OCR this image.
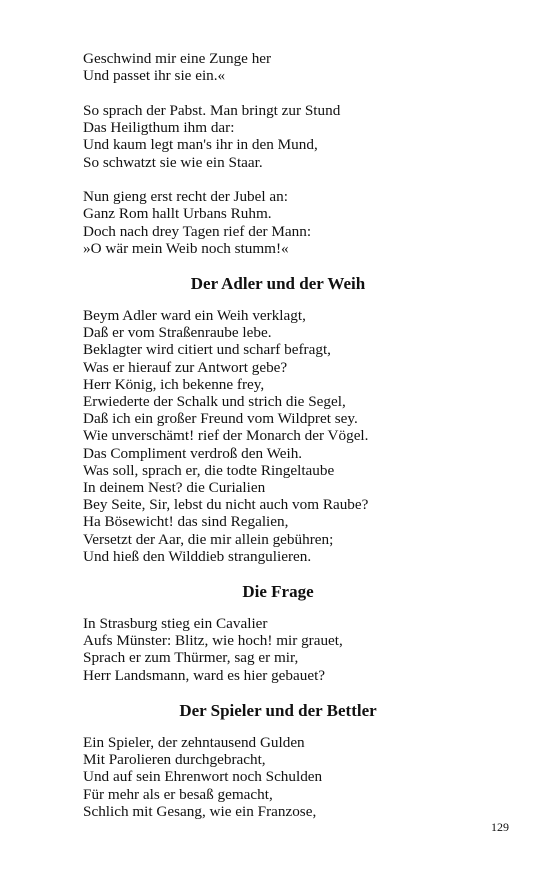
Geschwind mir eine Zunge her
Und passet ihr sie ein.«
So sprach der Pabst. Man bringt zur Stund
Das Heiligthum ihm dar:
Und kaum legt man's ihr in den Mund,
So schwatzt sie wie ein Staar.
Nun gieng erst recht der Jubel an:
Ganz Rom hallt Urbans Ruhm.
Doch nach drey Tagen rief der Mann:
»O wär mein Weib noch stumm!«
Der Adler und der Weih
Beym Adler ward ein Weih verklagt,
Daß er vom Straßenraube lebe.
Beklagter wird citiert und scharf befragt,
Was er hierauf zur Antwort gebe?
Herr König, ich bekenne frey,
Erwiederte der Schalk und strich die Segel,
Daß ich ein großer Freund vom Wildpret sey.
Wie unverschämt! rief der Monarch der Vögel.
Das Compliment verdroß den Weih.
Was soll, sprach er, die todte Ringeltaube
In deinem Nest? die Curialien
Bey Seite, Sir, lebst du nicht auch vom Raube?
Ha Bösewicht! das sind Regalien,
Versetzt der Aar, die mir allein gebühren;
Und hieß den Wilddieb strangulieren.
Die Frage
In Strasburg stieg ein Cavalier
Aufs Münster: Blitz, wie hoch! mir grauet,
Sprach er zum Thürmer, sag er mir,
Herr Landsmann, ward es hier gebauet?
Der Spieler und der Bettler
Ein Spieler, der zehntausend Gulden
Mit Parolieren durchgebracht,
Und auf sein Ehrenwort noch Schulden
Für mehr als er besaß gemacht,
Schlich mit Gesang, wie ein Franzose,
129
